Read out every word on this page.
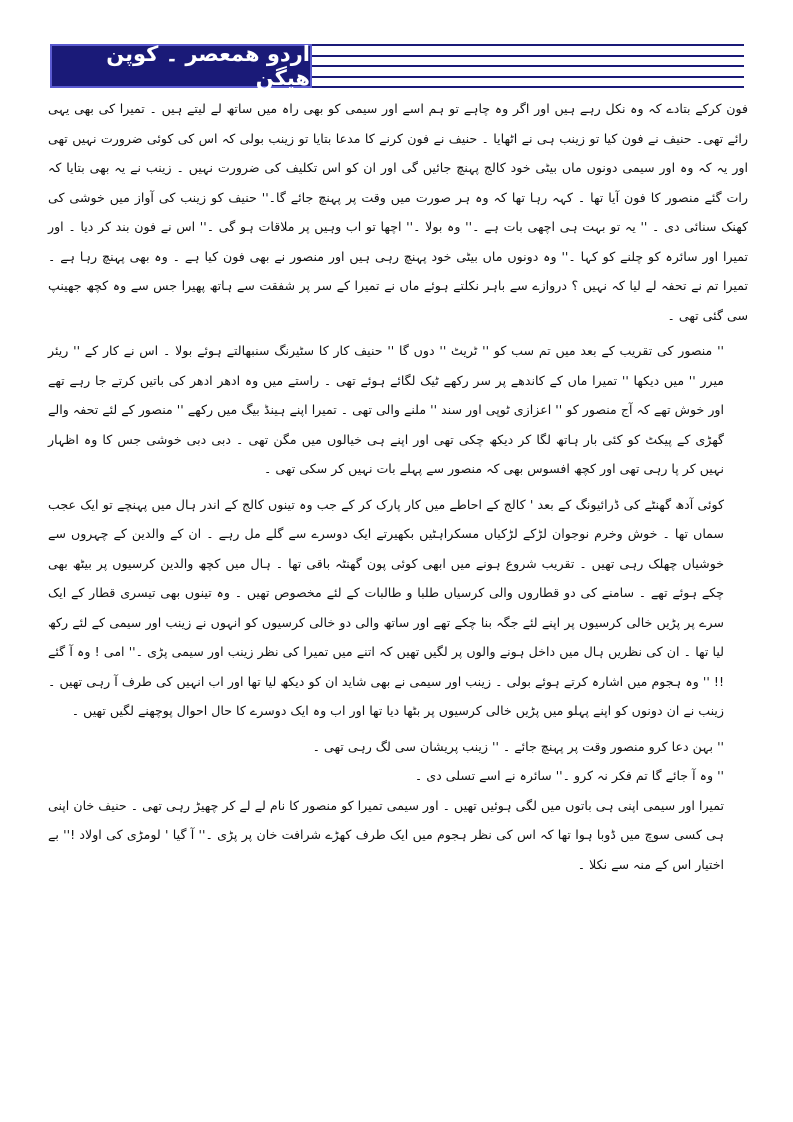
اردو ھمعصر ۔ کوپن ھیگن

فون کرکے بتادے کہ وہ نکل رہے ہیں اور اگر وہ چاہے تو ہم اسے اور سیمی کو بھی راہ میں ساتھ لے لیتے ہیں ۔ تمیرا کی بھی یہی رائے تھی۔ حنیف نے فون کیا تو زینب ہی نے اٹھایا ۔ حنیف نے فون کرنے کا مدعا بتایا تو زینب بولی کہ اس کی کوئی ضرورت نہیں تھی اور یہ کہ وہ اور سیمی دونوں ماں بیٹی خود کالج پہنچ جائیں گی اور ان کو اس تکلیف کی ضرورت نہیں ۔ زینب نے یہ بھی بتایا کہ رات گئے منصور کا فون آیا تھا ۔ کہہ رہا تھا کہ وہ ہر صورت میں وقت پر پہنچ جائے گا۔'' حنیف کو زینب کی آواز میں خوشی کی کھنک سنائی دی ۔ '' یہ تو بہت ہی اچھی بات ہے ۔'' وہ بولا ۔'' اچھا تو اب وہیں پر ملاقات ہو گی ۔'' اس نے فون بند کر دیا ۔ اور تمیرا اور سائرہ کو چلنے کو کہا ۔'' وہ دونوں ماں بیٹی خود پہنچ رہی ہیں اور منصور نے بھی فون کیا ہے ۔ وہ بھی پہنچ رہا ہے ۔ تمیرا تم نے تحفہ لے لیا کہ نہیں ؟ دروازے سے باہر نکلتے ہوئے ماں نے تمیرا کے سر پر شفقت سے ہاتھ پھیرا جس سے وہ کچھ جھینپ سی گئی تھی ۔

'' منصور کی تقریب کے بعد میں تم سب کو '' ٹریٹ '' دوں گا '' حنیف کار کا سٹیرنگ سنبھالتے ہوئے بولا ۔ اس نے کار کے '' ریئر میرر '' میں دیکھا '' تمیرا ماں کے کاندھے پر سر رکھے ٹیک لگائے ہوئے تھی ۔ راستے میں وہ ادھر ادھر کی باتیں کرتے جا رہے تھے اور خوش تھے کہ آج منصور کو '' اعزازی ٹوپی اور سند '' ملنے والی تھی ۔ تمیرا اپنے ہینڈ بیگ میں رکھے '' منصور کے لئے تحفہ والے گھڑی کے پیکٹ کو کئی بار ہاتھ لگا کر دیکھ چکی تھی اور اپنے ہی خیالوں میں مگن تھی ۔ دبی دبی خوشی جس کا وہ اظہار نہیں کر پا رہی تھی اور کچھ افسوس بھی کہ منصور سے پہلے بات نہیں کر سکی تھی ۔

کوئی آدھ گھنٹے کی ڈرائیونگ کے بعد ' کالج کے احاطے میں کار پارک کر کے جب وہ تینوں کالج کے اندر ہال میں پہنچے تو ایک عجب سماں تھا ۔ خوش وخرم نوجوان لڑکے لڑکیاں مسکراہٹیں بکھیرتے ایک دوسرے سے گلے مل رہے ۔ ان کے والدین کے چہروں سے خوشیاں چھلک رہی تھیں ۔ تقریب شروع ہونے میں ابھی کوئی پون گھنٹہ باقی تھا ۔ ہال میں کچھ والدین کرسیوں پر بیٹھ بھی چکے ہوئے تھے ۔ سامنے کی دو قطاروں والی کرسیاں طلبا و طالبات کے لئے مخصوص تھیں ۔ وہ تینوں بھی تیسری قطار کے ایک سرے پر پڑیں خالی کرسیوں پر اپنے لئے جگہ بنا چکے تھے اور ساتھ والی دو خالی کرسیوں کو انہوں نے زینب اور سیمی کے لئے رکھ لیا تھا ۔ ان کی نظریں ہال میں داخل ہونے والوں پر لگیں تھیں کہ اتنے میں تمیرا کی نظر زینب اور سیمی پڑی ۔'' امی ! وہ آ گئے !! '' وہ ہجوم میں اشارہ کرتے ہوئے بولی ۔ زینب اور سیمی نے بھی شاید ان کو دیکھ لیا تھا اور اب انہیں کی طرف آ رہی تھیں ۔ زینب نے ان دونوں کو اپنے پہلو میں پڑیں خالی کرسیوں پر بٹھا دیا تھا اور اب وہ ایک دوسرے کا حال احوال پوچھنے لگیں تھیں ۔

'' بہن دعا کرو منصور وقت پر پہنچ جائے ۔ '' زینب پریشان سی لگ رہی تھی ۔

'' وہ آ جائے گا تم فکر نہ کرو ۔'' سائرہ نے اسے تسلی دی ۔

تمیرا اور سیمی اپنی ہی باتوں میں لگی ہوئیں تھیں ۔ اور سیمی تمیرا کو منصور کا نام لے لے کر چھیڑ رہی تھی ۔ حنیف خان اپنی ہی کسی سوچ میں ڈوبا ہوا تھا کہ اس کی نظر ہجوم میں ایک طرف کھڑے شرافت خان پر پڑی ۔'' آ گیا ' لومڑی کی اولاد !'' بے اختیار اس کے منہ سے نکلا ۔
